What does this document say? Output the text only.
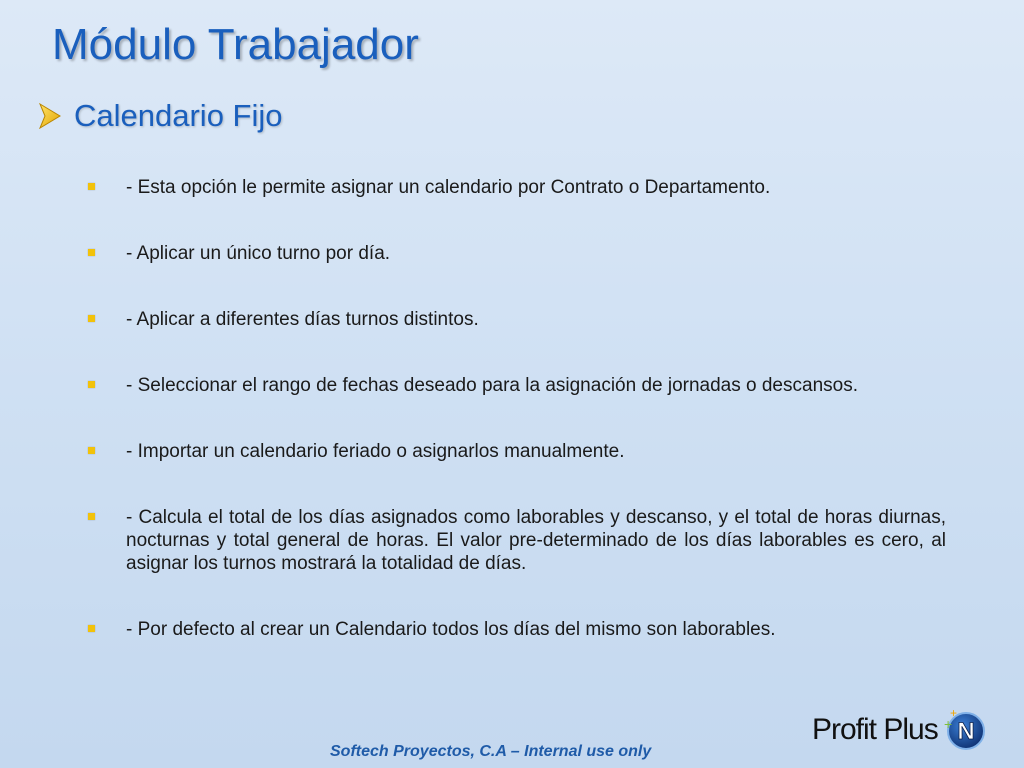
Módulo Trabajador
Calendario Fijo
- Esta opción le permite asignar un calendario por Contrato o Departamento.
- Aplicar un único turno por día.
- Aplicar a diferentes días turnos distintos.
- Seleccionar el rango de fechas deseado para la asignación de jornadas o descansos.
- Importar un calendario feriado o asignarlos manualmente.
- Calcula el total de los días asignados como laborables y descanso, y el total de horas diurnas, nocturnas y total general de horas. El valor pre-determinado de los días laborables es cero, al asignar los turnos mostrará la totalidad de días.
- Por defecto al crear un Calendario todos los días del mismo son laborables.
Softech Proyectos, C.A – Internal use only
Profit Plus N
+
+
